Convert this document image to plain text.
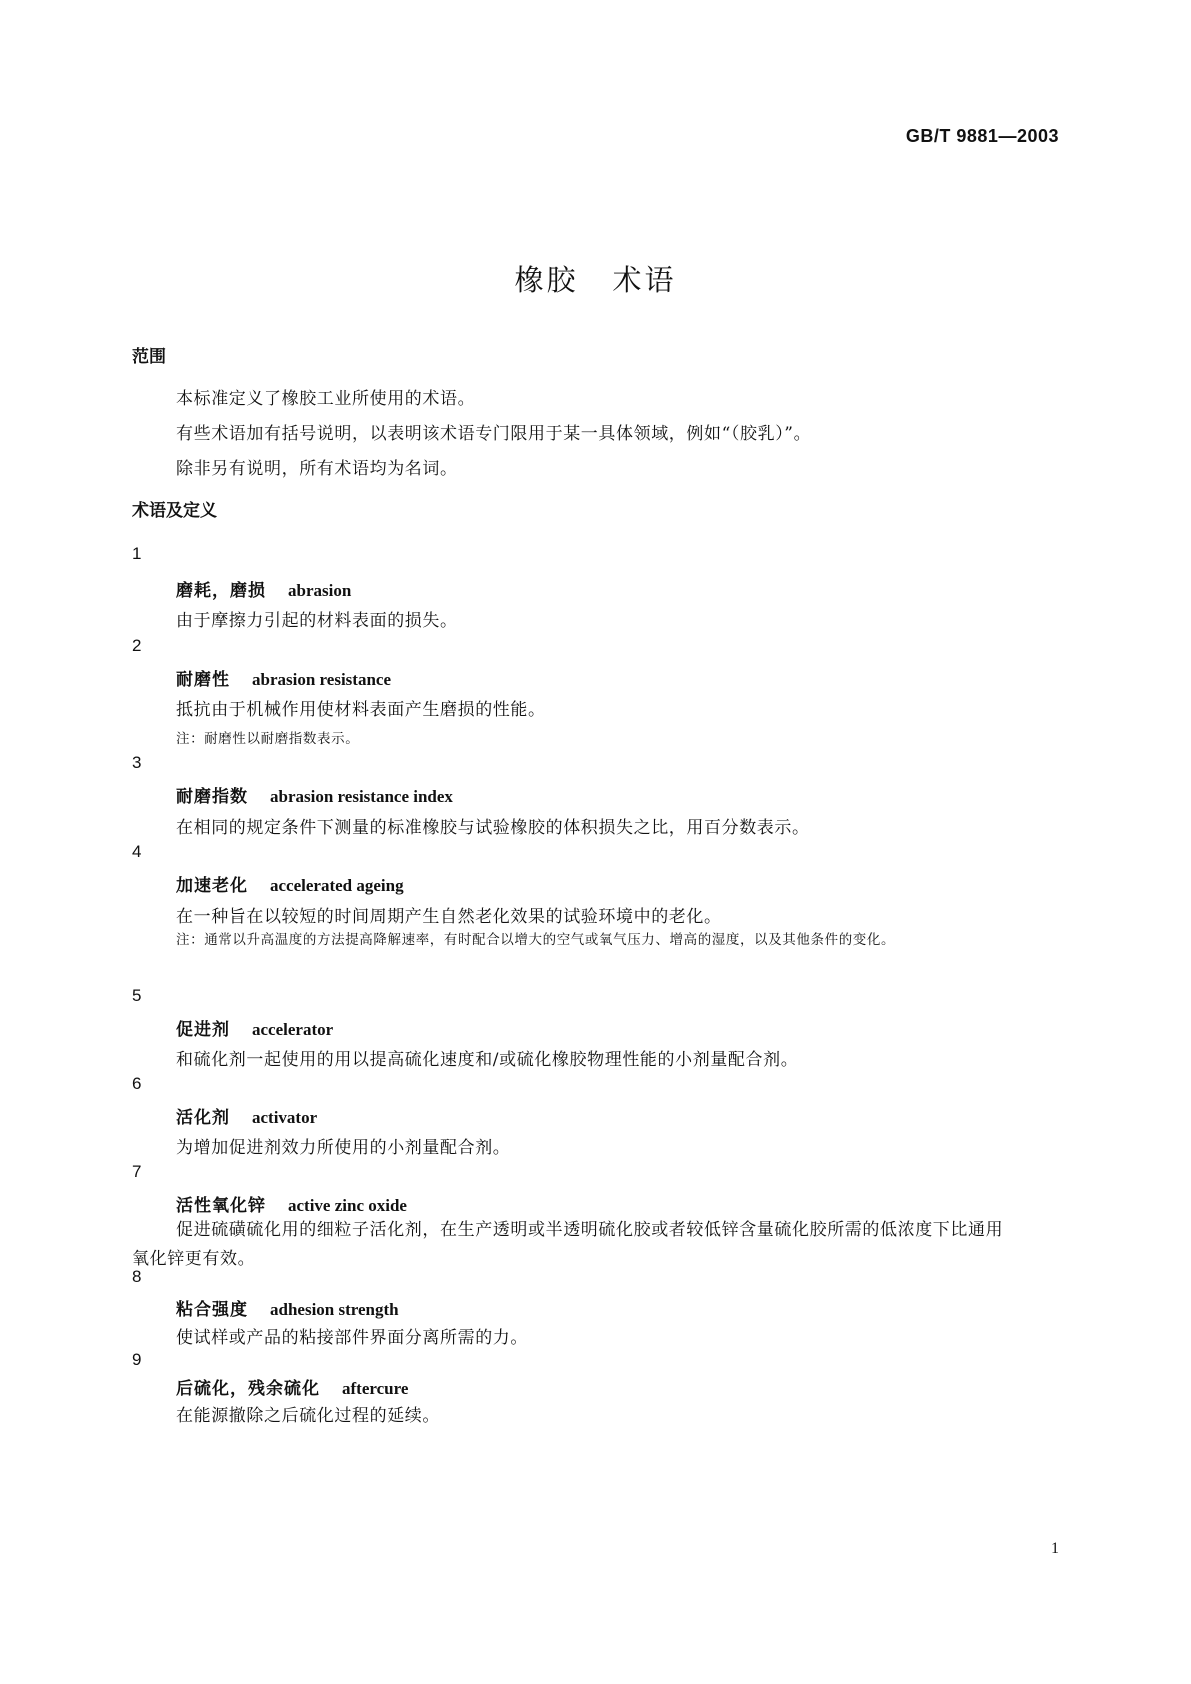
GB/T 9881—2003
橡胶 术语
范围
本标准定义了橡胶工业所使用的术语。
有些术语加有括号说明，以表明该术语专门限用于某一具体领域，例如“（胶乳）”。
除非另有说明，所有术语均为名词。
术语及定义
1
磨耗，磨损 abrasion
由于摩擦力引起的材料表面的损失。
2
耐磨性 abrasion resistance
抵抗由于机械作用使材料表面产生磨损的性能。
注：耐磨性以耐磨指数表示。
3
耐磨指数 abrasion resistance index
在相同的规定条件下测量的标准橡胶与试验橡胶的体积损失之比，用百分数表示。
4
加速老化 accelerated ageing
在一种旨在以较短的时间周期产生自然老化效果的试验环境中的老化。
注：通常以升高温度的方法提高降解速率，有时配合以增大的空气或氧气压力、增高的湿度，以及其他条件的变化。
5
促进剂 accelerator
和硫化剂一起使用的用以提高硫化速度和/或硫化橡胶物理性能的小剂量配合剂。
6
活化剂 activator
为增加促进剂效力所使用的小剂量配合剂。
7
活性氧化锌 active zinc oxide
促进硫磺硫化用的细粒子活化剂，在生产透明或半透明硫化胶或者较低锌含量硫化胶所需的低浓度下比通用氧化锌更有效。
8
粘合强度 adhesion strength
使试样或产品的粘接部件界面分离所需的力。
9
后硫化，残余硫化 aftercure
在能源撤除之后硫化过程的延续。
1
